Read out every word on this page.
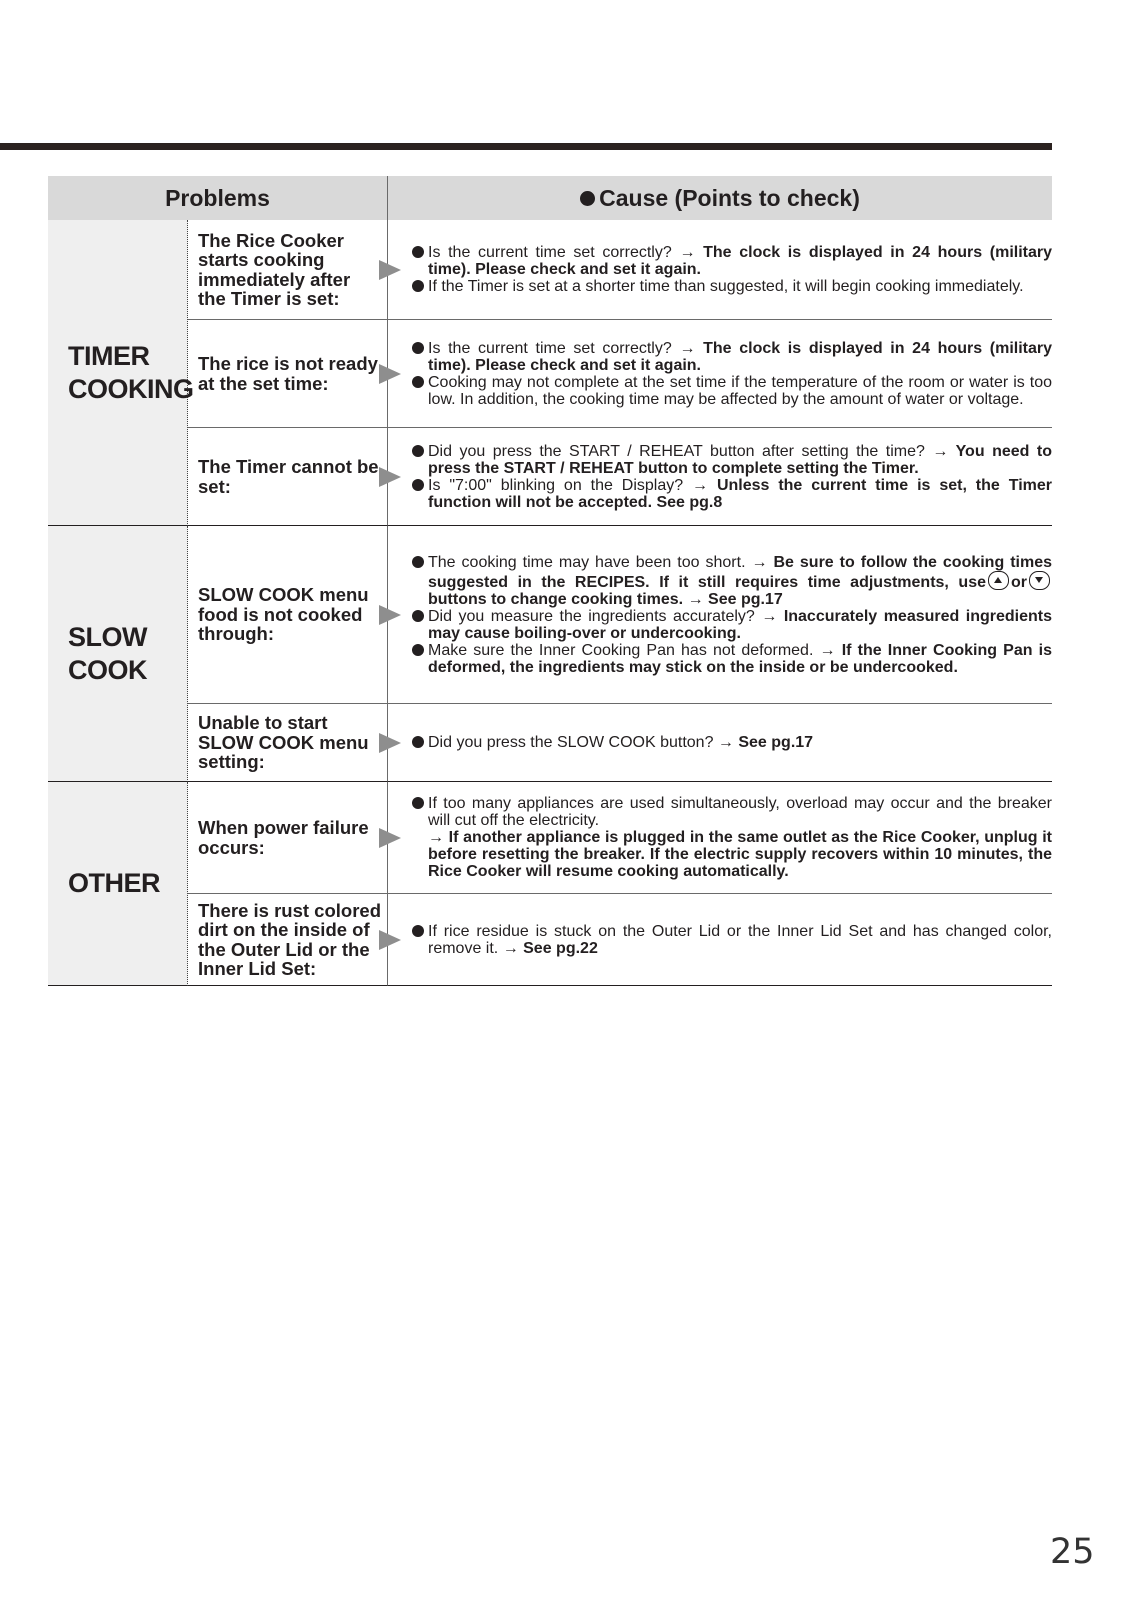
Problems	Cause (Points to check)
TIMER
COOKING
SLOW
COOK
OTHER
The Rice Cooker starts cooking immediately after the Timer is set:
Is the current time set correctly? → The clock is displayed in 24 hours (military time). Please check and set it again.
If the Timer is set at a shorter time than suggested, it will begin cooking immediately.
The rice is not ready at the set time:
Is the current time set correctly? → The clock is displayed in 24 hours (military time). Please check and set it again.
Cooking may not complete at the set time if the temperature of the room or water is too low. In addition, the cooking time may be affected by the amount of water or voltage.
The Timer cannot be set:
Did you press the START / REHEAT button after setting the time? → You need to press the START / REHEAT button to complete setting the Timer.
Is "7:00" blinking on the Display? → Unless the current time is set, the Timer function will not be accepted. See pg.8
SLOW COOK menu food is not cooked through:
The cooking time may have been too short. → Be sure to follow the cooking times suggested in the RECIPES. If it still requires time adjustments, use orbuttons to change cooking times. → See pg.17
Did you measure the ingredients accurately? → Inaccurately measured ingredients may cause boiling-over or undercooking.
Make sure the Inner Cooking Pan has not deformed. → If the Inner Cooking Pan is deformed, the ingredients may stick on the inside or be undercooked.
Unable to start SLOW COOK menu setting:
Did you press the SLOW COOK button? → See pg.17
When power failure occurs:
If too many appliances are used simultaneously, overload may occur and the breaker will cut off the electricity.
→ If another appliance is plugged in the same outlet as the Rice Cooker, unplug it before resetting the breaker. If the electric supply recovers within 10 minutes, the Rice Cooker will resume cooking automatically.
There is rust colored dirt on the inside of the Outer Lid or the Inner Lid Set:
If rice residue is stuck on the Outer Lid or the Inner Lid Set and has changed color, remove it. → See pg.22
25
